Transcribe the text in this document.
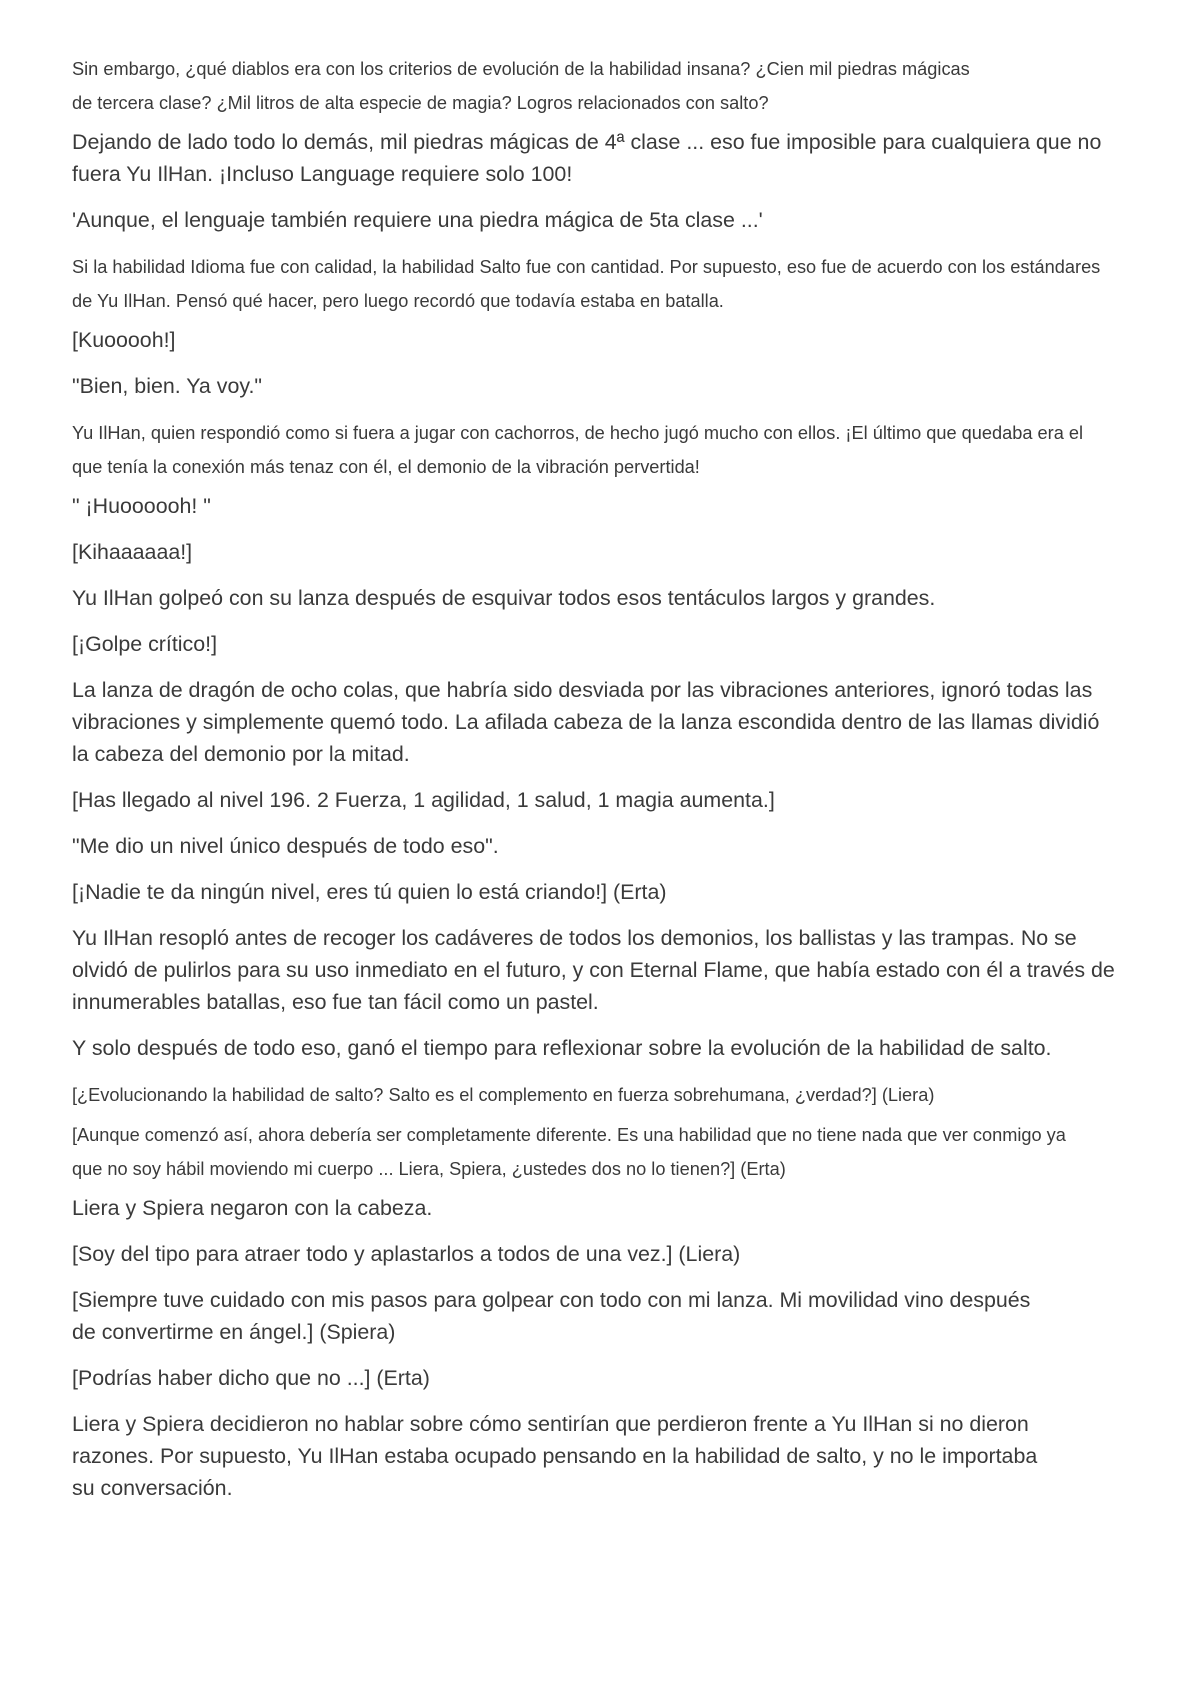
Sin embargo, ¿qué diablos era con los criterios de evolución de la habilidad insana? ¿Cien mil piedras mágicas de tercera clase? ¿Mil litros de alta especie de magia? Logros relacionados con salto?

Dejando de lado todo lo demás, mil piedras mágicas de 4ª clase ... eso fue imposible para cualquiera que no fuera Yu IlHan. ¡Incluso Language requiere solo 100!

'Aunque, el lenguaje también requiere una piedra mágica de 5ta clase ...'

Si la habilidad Idioma fue con calidad, la habilidad Salto fue con cantidad. Por supuesto, eso fue de acuerdo con los estándares de Yu IlHan. Pensó qué hacer, pero luego recordó que todavía estaba en batalla.

[Kuooooh!]

"Bien, bien. Ya voy."

Yu IlHan, quien respondió como si fuera a jugar con cachorros, de hecho jugó mucho con ellos. ¡El último que quedaba era el que tenía la conexión más tenaz con él, el demonio de la vibración pervertida!

" ¡Huoooooh! "

[Kihaaaaaa!]

Yu IlHan golpeó con su lanza después de esquivar todos esos tentáculos largos y grandes.

[¡Golpe crítico!]

La lanza de dragón de ocho colas, que habría sido desviada por las vibraciones anteriores, ignoró todas las vibraciones y simplemente quemó todo. La afilada cabeza de la lanza escondida dentro de las llamas dividió la cabeza del demonio por la mitad.

[Has llegado al nivel 196. 2 Fuerza, 1 agilidad, 1 salud, 1 magia aumenta.]

"Me dio un nivel único después de todo eso".

[¡Nadie te da ningún nivel, eres tú quien lo está criando!] (Erta)

Yu IlHan resopló antes de recoger los cadáveres de todos los demonios, los ballistas y las trampas. No se olvidó de pulirlos para su uso inmediato en el futuro, y con Eternal Flame, que había estado con él a través de innumerables batallas, eso fue tan fácil como un pastel.

Y solo después de todo eso, ganó el tiempo para reflexionar sobre la evolución de la habilidad de salto.

[¿Evolucionando la habilidad de salto? Salto es el complemento en fuerza sobrehumana, ¿verdad?] (Liera)

[Aunque comenzó así, ahora debería ser completamente diferente. Es una habilidad que no tiene nada que ver conmigo ya que no soy hábil moviendo mi cuerpo ... Liera, Spiera, ¿ustedes dos no lo tienen?] (Erta)

Liera y Spiera negaron con la cabeza.

[Soy del tipo para atraer todo y aplastarlos a todos de una vez.] (Liera)

[Siempre tuve cuidado con mis pasos para golpear con todo con mi lanza. Mi movilidad vino después de convertirme en ángel.] (Spiera)

[Podrías haber dicho que no ...] (Erta)

Liera y Spiera decidieron no hablar sobre cómo sentirían que perdieron frente a Yu IlHan si no dieron razones. Por supuesto, Yu IlHan estaba ocupado pensando en la habilidad de salto, y no le importaba su conversación.
